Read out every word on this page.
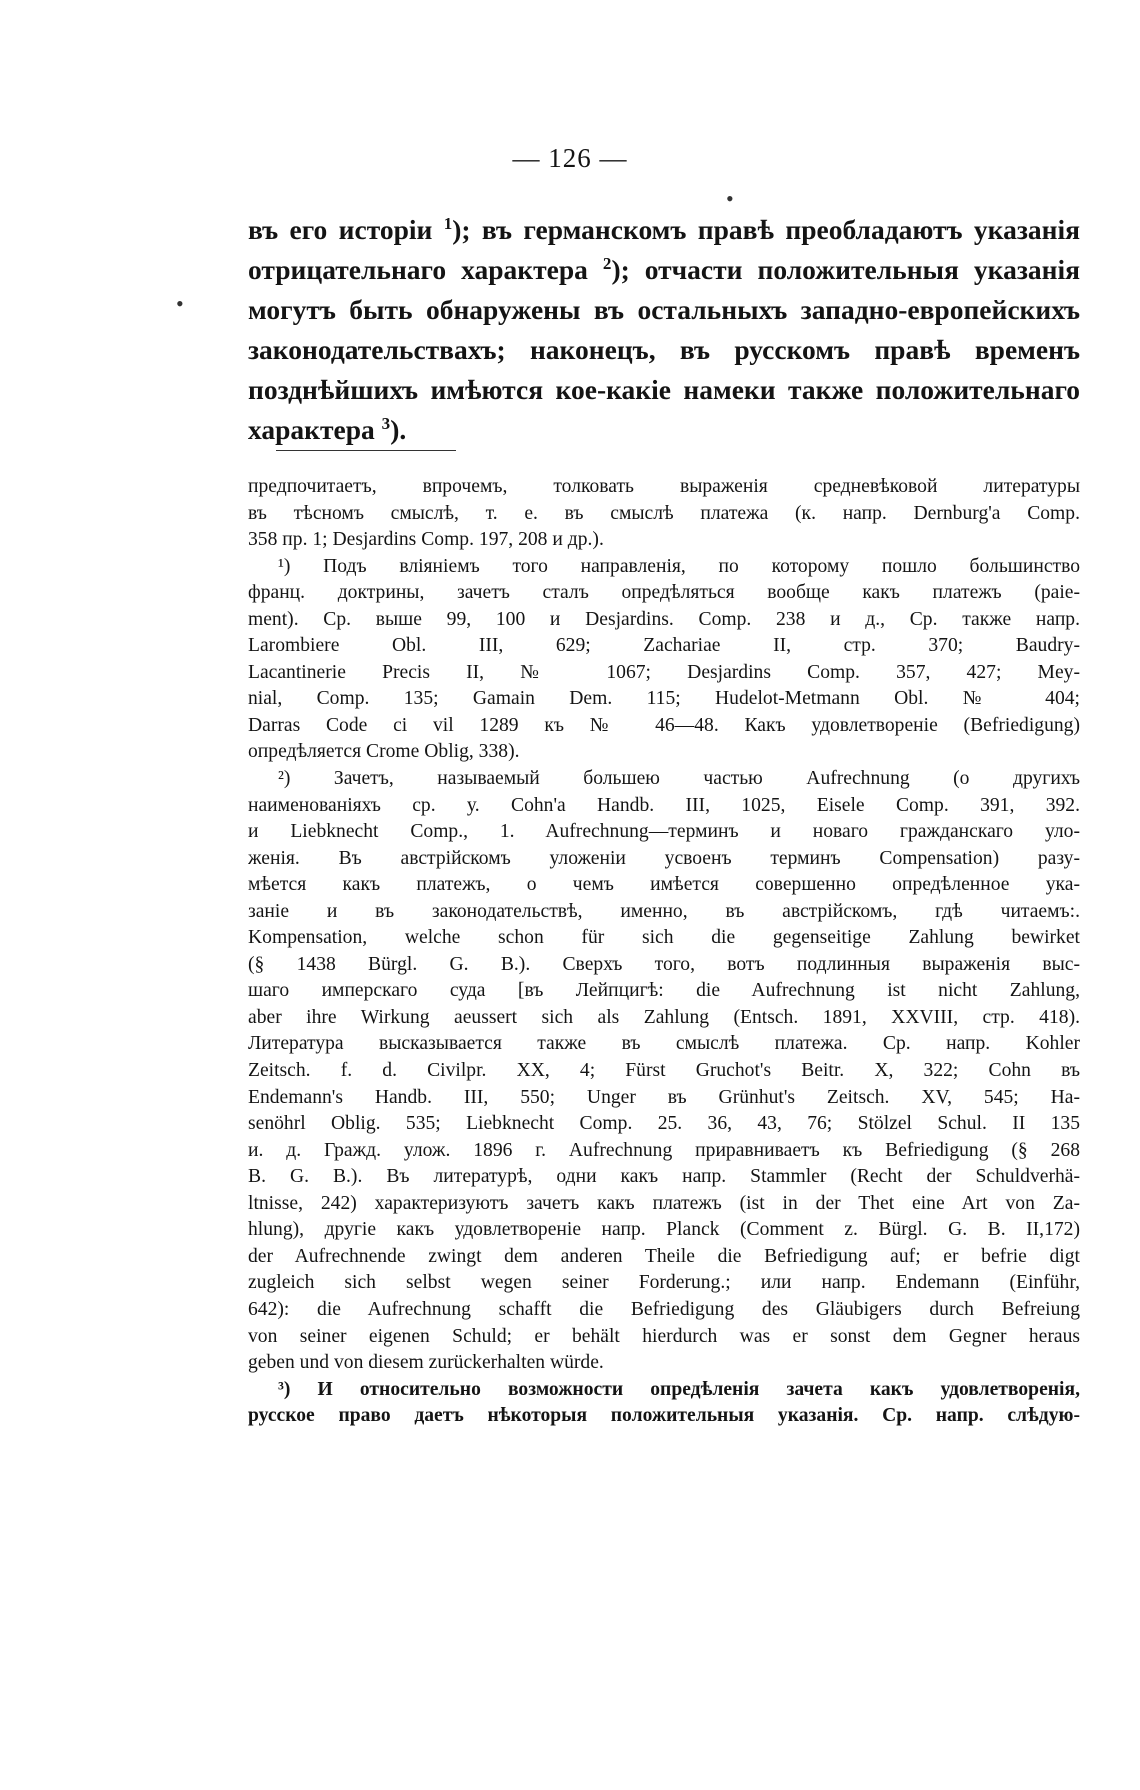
— 126 —
•
•
въ его исторіи $^1$); въ германскомъ правѣ преобладаютъ указанія
отрицательнаго характера $^2$); отчасти положительныя указанія
могутъ быть обнаружены въ остальныхъ западно-европейскихъ
законодательствахъ; наконецъ, въ русскомъ правѣ временъ
позднѣйшихъ имѣются кое-какіе намеки также положительнаго
характера $^3$).
предпочитаетъ, впрочемъ, толковать выраженія средневѣковой литературы
въ тѣсномъ смыслѣ, т. е. въ смыслѣ платежа (к. напр. Dernburg'a Comp.
358 пр. 1; Desjardins Comp. 197, 208 и др.).
¹) Подъ вліяніемъ того направленія, по которому пошло большинство
франц. доктрины, зачетъ сталъ опредѣляться вообще какъ платежъ (paie-
ment). Ср. выше 99, 100 и Desjardins. Comp. 238 и д., Ср. также напр.
Larombiere Obl. III, 629; Zachariae II, стр. 370; Baudry-
Lacantinerie Precis II, № 1067; Desjardins Comp. 357, 427; Mey-
nial, Comp. 135; Gamain Dem. 115; Hudelot-Metmann Obl. № 404;
Darras Code ci vil 1289 къ № 46—48. Какъ удовлетвореніе (Befriedigung)
опредѣляется Crome Oblig, 338).
²) Зачетъ, называемый большею частью Aufrechnung (о другихъ
наименованіяхъ ср. у. Cohn'a Handb. III, 1025, Eisele Comp. 391, 392.
и Liebknecht Comp., 1. Aufrechnung—терминъ и новаго гражданскаго уло-
женія. Въ австрійскомъ уложеніи усвоенъ терминъ Compensation) разу-
мѣется какъ платежъ, о чемъ имѣется совершенно опредѣленное ука-
заніе и въ законодательствѣ, именно, въ австрійскомъ, гдѣ читаемъ:.
Kompensation, welche schon für sich die gegenseitige Zahlung bewirket
(§ 1438 Bürgl. G. B.). Сверхъ того, вотъ подлинныя выраженія выс-
шаго имперскаго суда [въ Лейпцигѣ: die Aufrechnung ist nicht Zahlung,
aber ihre Wirkung aeussert sich als Zahlung (Entsch. 1891, XXVIII, стр. 418).
Литература высказывается также въ смыслѣ платежа. Ср. напр. Kohler
Zeitsch. f. d. Civilpr. XX, 4; Fürst Gruchot's Beitr. X, 322; Cohn въ
Endemann's Handb. III, 550; Unger въ Grünhut's Zeitsch. XV, 545; Ha-
senöhrl Oblig. 535; Liebknecht Comp. 25. 36, 43, 76; Stölzel Schul. II 135
и. д. Гражд. улож. 1896 г. Aufrechnung приравниваетъ къ Befriedigung (§ 268
B. G. B.). Въ литературѣ, одни какъ напр. Stammler (Recht der Schuldverhä-
ltnisse, 242) характеризуютъ зачетъ какъ платежъ (ist in der Thet eine Art von Za-
hlung), другіе какъ удовлетвореніе напр. Planck (Comment z. Bürgl. G. B. II,172)
der Aufrechnende zwingt dem anderen Theile die Befriedigung auf; er befrie digt
zugleich sich selbst wegen seiner Forderung.; или напр. Endemann (Einführ,
642): die Aufrechnung schafft die Befriedigung des Gläubigers durch Befreiung
von seiner eigenen Schuld; er behält hierdurch was er sonst dem Gegner heraus
geben und von diesem zurückerhalten würde.
³) И относительно возможности опредѣленія зачета какъ удовлетворенія,
русское право даетъ нѣкоторыя положительныя указанія. Ср. напр. слѣдую-
